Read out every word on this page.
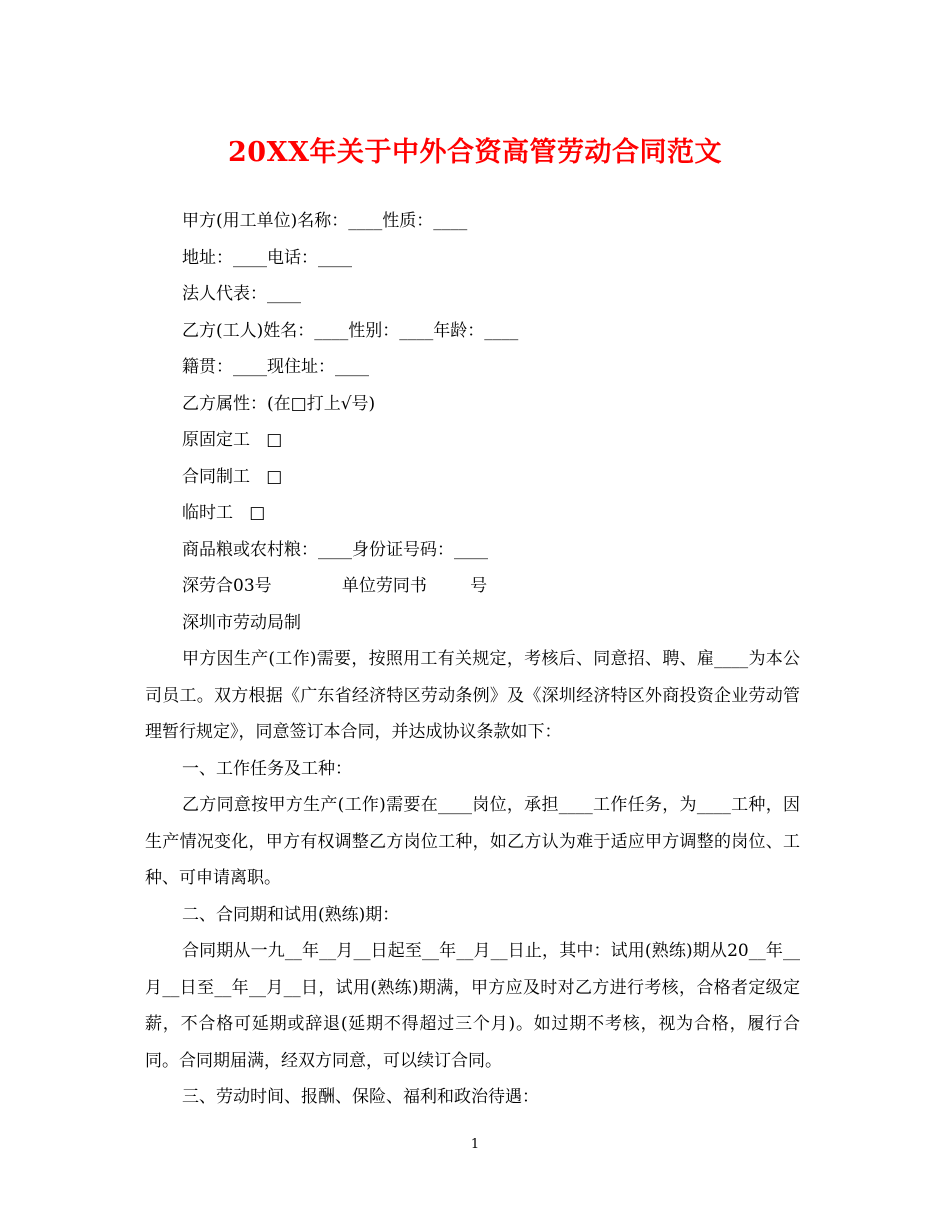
20XX年关于中外合资高管劳动合同范文
甲方(用工单位)名称：____性质：____
地址：____电话：____
法人代表：____
乙方(工人)姓名：____性别：____年龄：____
籍贯：____现住址：____
乙方属性：(在□打上√号)
原固定工   □
合同制工   □
临时工   □
商品粮或农村粮：____身份证号码：____
深劳合03号             单位劳同书        号
深圳市劳动局制
甲方因生产(工作)需要，按照用工有关规定，考核后、同意招、聘、雇____为本公司员工。双方根据《广东省经济特区劳动条例》及《深圳经济特区外商投资企业劳动管理暂行规定》，同意签订本合同，并达成协议条款如下：
一、工作任务及工种：
乙方同意按甲方生产(工作)需要在____岗位，承担____工作任务，为____工种，因生产情况变化，甲方有权调整乙方岗位工种，如乙方认为难于适应甲方调整的岗位、工种、可申请离职。
二、合同期和试用(熟练)期：
合同期从一九__年__月__日起至__年__月__日止，其中：试用(熟练)期从20__年__月__日至__年__月__日，试用(熟练)期满，甲方应及时对乙方进行考核，合格者定级定薪，不合格可延期或辞退(延期不得超过三个月)。如过期不考核，视为合格，履行合同。合同期届满，经双方同意，可以续订合同。
三、劳动时间、报酬、保险、福利和政治待遇：
1
